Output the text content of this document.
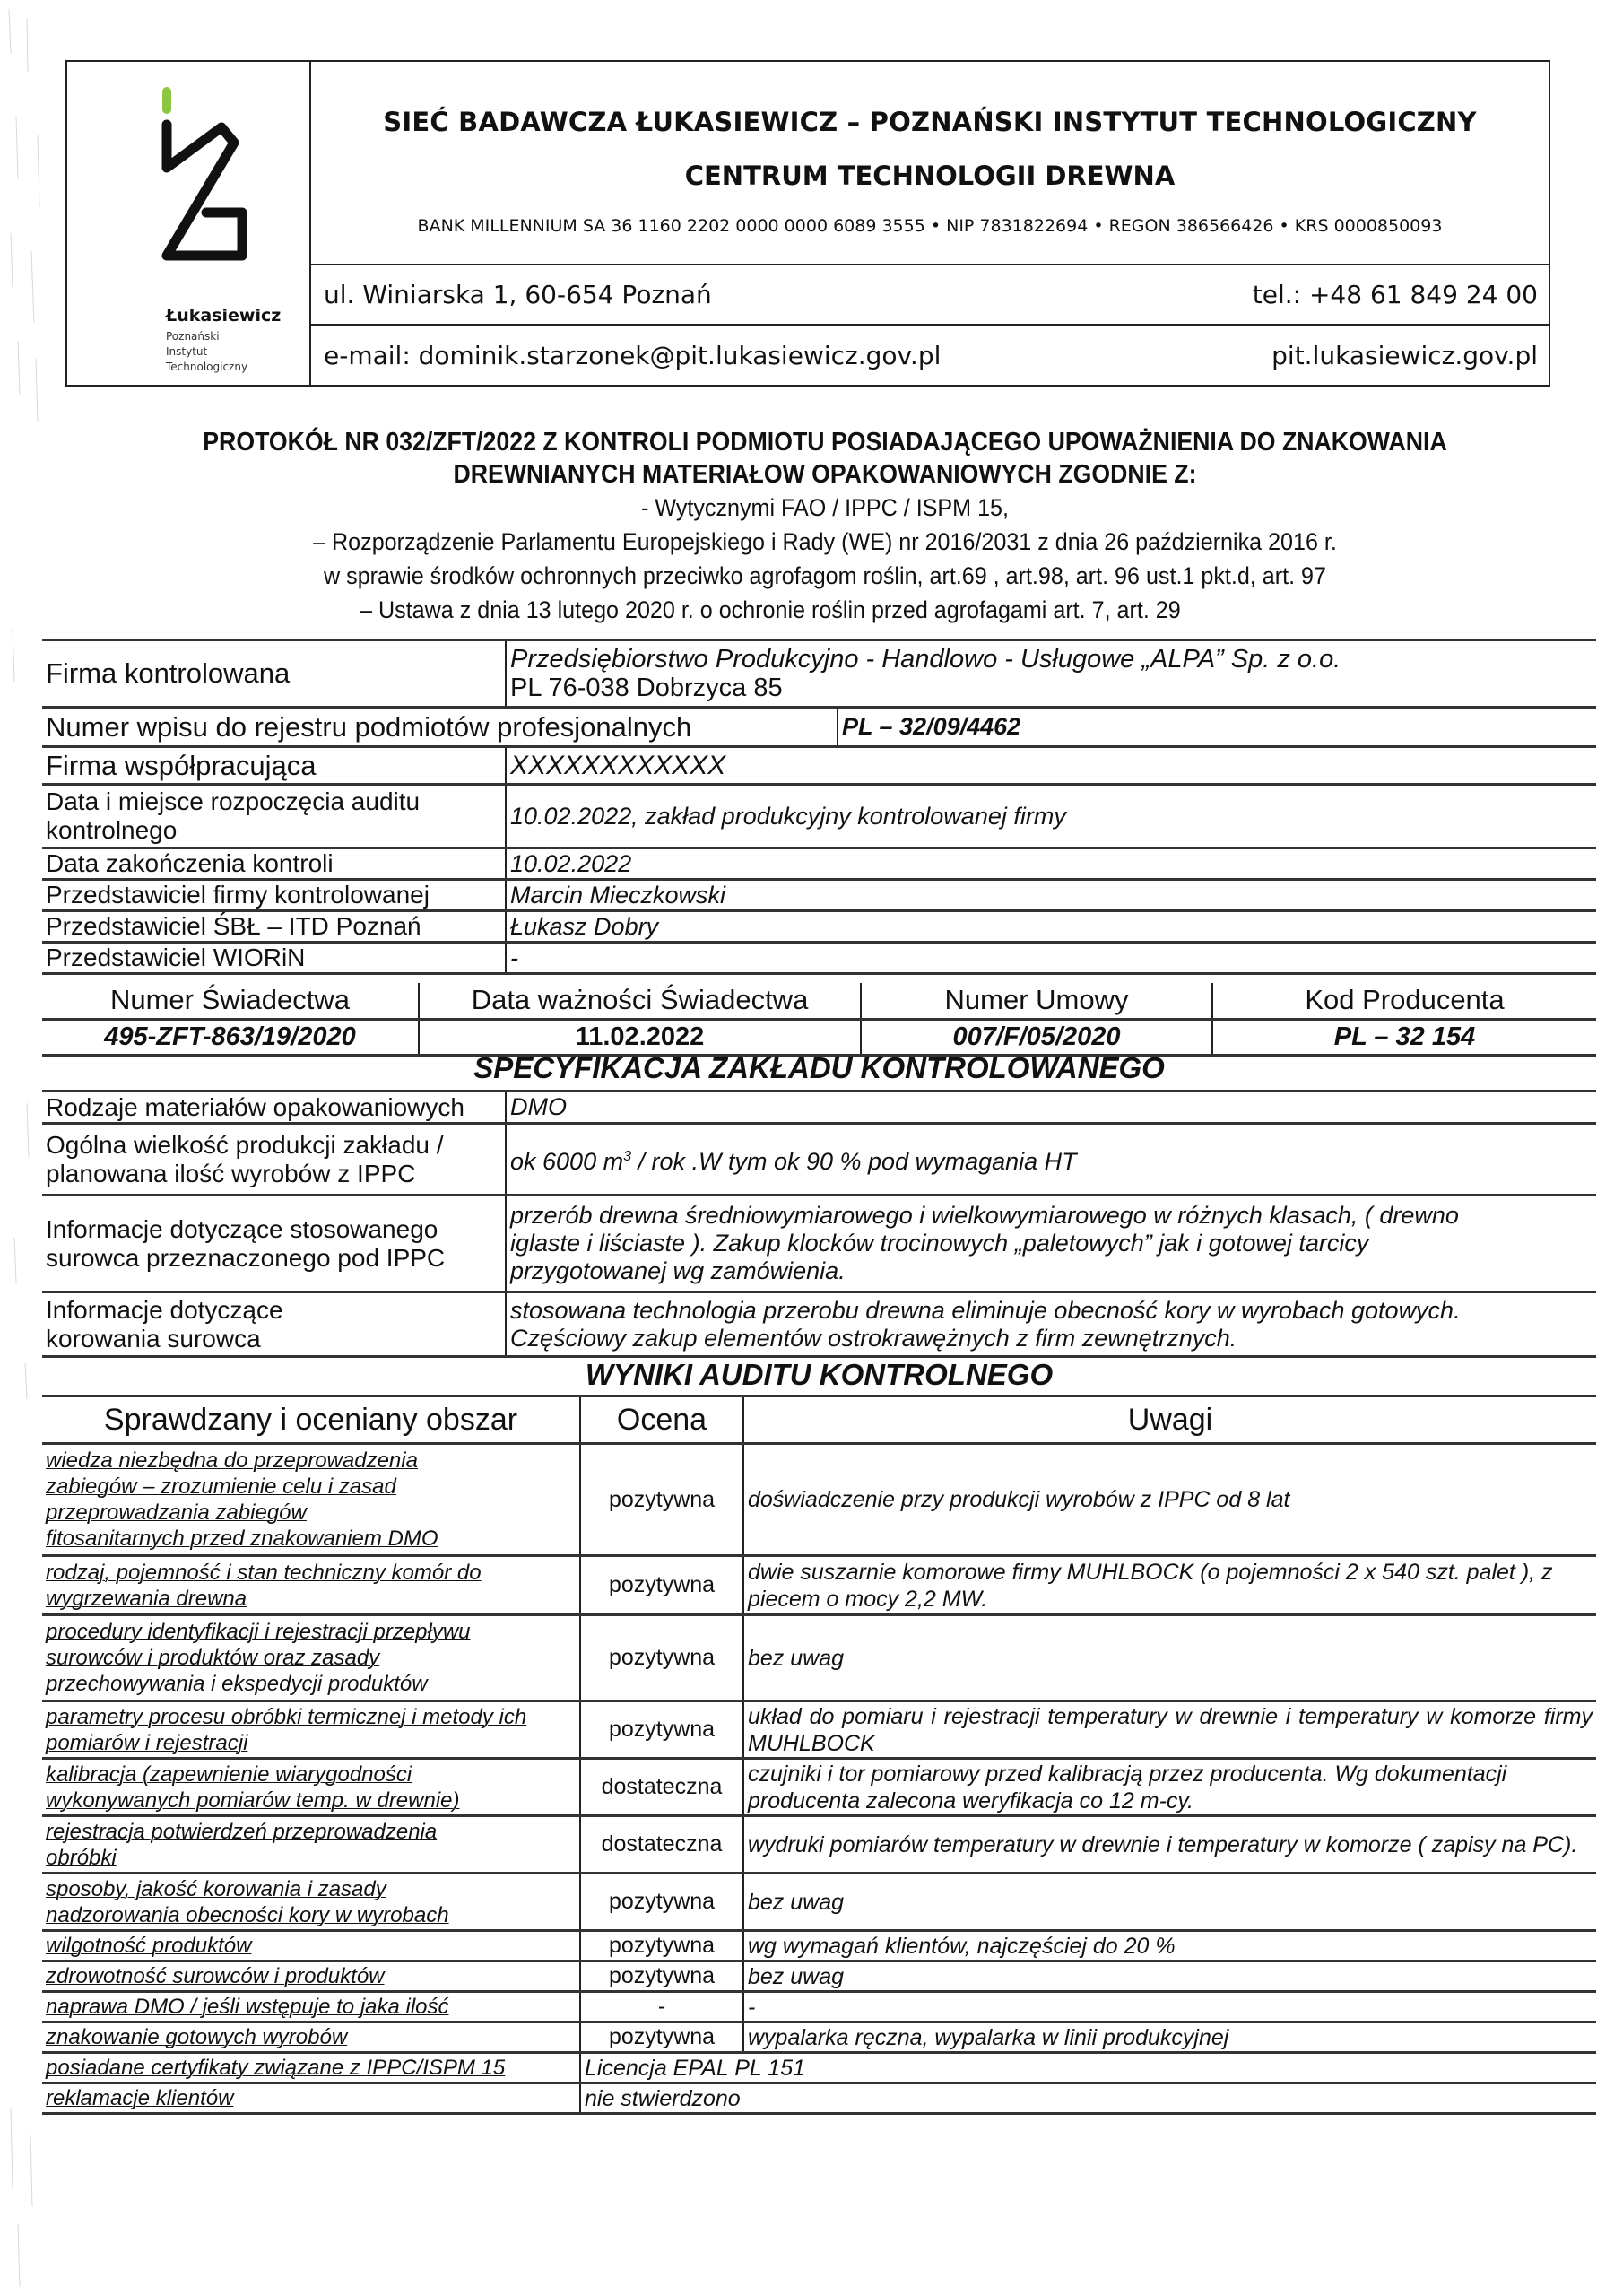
Łukasiewicz
Poznański
Instytut
Technologiczny
SIEĆ BADAWCZA ŁUKASIEWICZ – POZNAŃSKI INSTYTUT TECHNOLOGICZNY
CENTRUM TECHNOLOGII DREWNA
BANK MILLENNIUM SA 36 1160 2202 0000 0000 6089 3555 • NIP 7831822694 • REGON 386566426 • KRS 0000850093
ul. Winiarska 1, 60-654 Poznań	tel.: +48 61 849 24 00
e-mail: dominik.starzonek@pit.lukasiewicz.gov.pl	pit.lukasiewicz.gov.pl
PROTOKÓŁ NR 032/ZFT/2022 Z KONTROLI PODMIOTU POSIADAJĄCEGO UPOWAŻNIENIA DO ZNAKOWANIA
DREWNIANYCH MATERIAŁOW OPAKOWANIOWYCH ZGODNIE Z:
- Wytycznymi FAO / IPPC / ISPM 15,
– Rozporządzenie Parlamentu Europejskiego i Rady (WE) nr 2016/2031 z dnia 26 października 2016 r.
w sprawie środków ochronnych przeciwko agrofagom roślin, art.69 , art.98, art. 96 ust.1 pkt.d, art. 97
– Ustawa z dnia 13 lutego 2020 r. o ochronie roślin przed agrofagami art. 7, art. 29
Firma kontrolowana	Przedsiębiorstwo Produkcyjno - Handlowo - Usługowe „ALPA” Sp. z o.o.
PL 76-038 Dobrzyca 85	

Numer wpisu do rejestru podmiotów profesjonalnych		PL – 32/09/4462
Firma współpracująca	XXXXXXXXXXXX	
Data i miejsce rozpoczęcia auditu kontrolnego	10.02.2022, zakład produkcyjny kontrolowanej firmy	
Data zakończenia kontroli	10.02.2022	
Przedstawiciel firmy kontrolowanej	Marcin Mieczkowski	
Przedstawiciel ŚBŁ – ITD Poznań	Łukasz Dobry	
Przedstawiciel WIORiN	-	
Numer Świadectwa	Data ważności Świadectwa	Numer Umowy	Kod Producenta
495-ZFT-863/19/2020	11.02.2022	007/F/05/2020	PL – 32 154
SPECYFIKACJA ZAKŁADU KONTROLOWANEGO
Rodzaje materiałów opakowaniowych	DMO
Ogólna wielkość produkcji zakładu / planowana ilość wyrobów z IPPC	ok 6000 $m^3$ / rok .W tym ok 90 % pod wymagania HT
Informacje dotyczące stosowanego surowca przeznaczonego pod IPPC	przerób drewna średniowymiarowego i wielkowymiarowego w różnych klasach, ( drewno iglaste i liściaste ). Zakup klocków trocinowych „paletowych” jak i gotowej tarcicy przygotowanej wg zamówienia.
Informacje dotyczące korowania surowca	stosowana technologia przerobu drewna eliminuje obecność kory w wyrobach gotowych. Częściowy zakup elementów ostrokrawężnych z firm zewnętrznych.
WYNIKI AUDITU KONTROLNEGO
Sprawdzany i oceniany obszar	Ocena	Uwagi
wiedza niezbędna do przeprowadzenia zabiegów – zrozumienie celu i zasad przeprowadzania zabiegów fitosanitarnych przed znakowaniem DMO	pozytywna	doświadczenie przy produkcji wyrobów z IPPC od 8 lat
rodzaj, pojemność i stan techniczny komór do wygrzewania drewna	pozytywna	dwie suszarnie komorowe firmy MUHLBOCK (o pojemności 2 x 540 szt. palet ), z piecem o mocy 2,2 MW.
procedury identyfikacji i rejestracji przepływu surowców i produktów oraz zasady przechowywania i ekspedycji produktów	pozytywna	bez uwag
parametry procesu obróbki termicznej i metody ich pomiarów i rejestracji	pozytywna	układ do pomiaru i rejestracji temperatury w drewnie i temperatury w komorze firmy MUHLBOCK
kalibracja (zapewnienie wiarygodności wykonywanych pomiarów temp. w drewnie)	dostateczna	czujniki i tor pomiarowy przed kalibracją przez producenta. Wg dokumentacji producenta zalecona weryfikacja co 12 m-cy.
rejestracja potwierdzeń przeprowadzenia obróbki	dostateczna	wydruki pomiarów temperatury w drewnie i temperatury w komorze ( zapisy na PC).
sposoby, jakość korowania i zasady nadzorowania obecności kory w wyrobach	pozytywna	bez uwag
wilgotność produktów	pozytywna	wg wymagań klientów, najczęściej do 20 %
zdrowotność surowców i produktów	pozytywna	bez uwag
naprawa DMO / jeśli wstępuje to jaka ilość	-	-
znakowanie gotowych wyrobów	pozytywna	wypalarka ręczna, wypalarka w linii produkcyjnej
posiadane certyfikaty związane z IPPC/ISPM 15	Licencja EPAL PL 151	
reklamacje klientów	nie stwierdzono	
